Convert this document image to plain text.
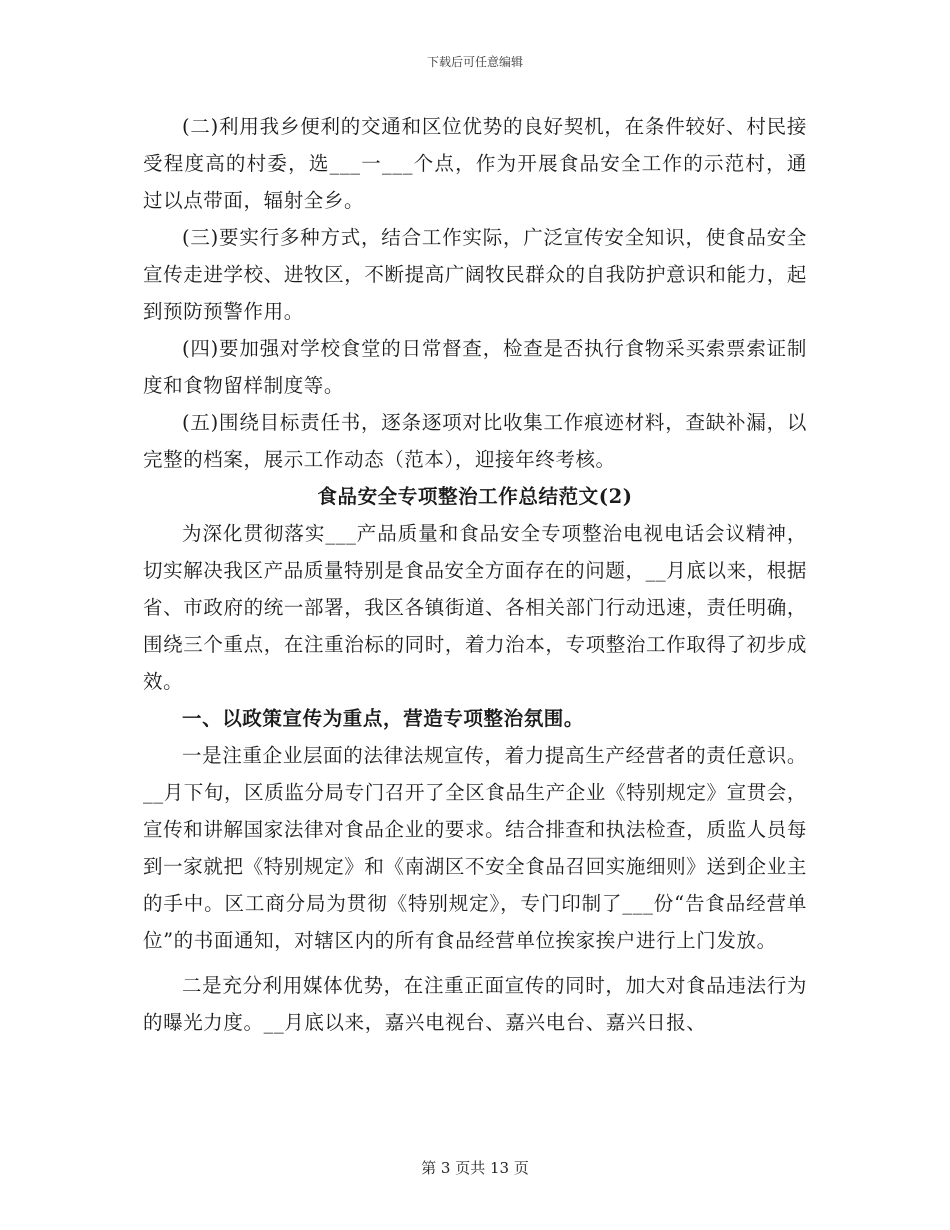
下载后可任意编辑

(二)利用我乡便利的交通和区位优势的良好契机，在条件较好、村民接受程度高的村委，选___一___个点，作为开展食品安全工作的示范村，通过以点带面，辐射全乡。

(三)要实行多种方式，结合工作实际，广泛宣传安全知识，使食品安全宣传走进学校、进牧区，不断提高广阔牧民群众的自我防护意识和能力，起到预防预警作用。

(四)要加强对学校食堂的日常督查，检查是否执行食物采买索票索证制度和食物留样制度等。

(五)围绕目标责任书，逐条逐项对比收集工作痕迹材料，查缺补漏，以完整的档案，展示工作动态（范本），迎接年终考核。

食品安全专项整治工作总结范文(2)

为深化贯彻落实___产品质量和食品安全专项整治电视电话会议精神，切实解决我区产品质量特别是食品安全方面存在的问题，__月底以来，根据省、市政府的统一部署，我区各镇街道、各相关部门行动迅速，责任明确，围绕三个重点，在注重治标的同时，着力治本，专项整治工作取得了初步成效。

一、以政策宣传为重点，营造专项整治氛围。

一是注重企业层面的法律法规宣传，着力提高生产经营者的责任意识。__月下旬，区质监分局专门召开了全区食品生产企业《特别规定》宣贯会，宣传和讲解国家法律对食品企业的要求。结合排查和执法检查，质监人员每到一家就把《特别规定》和《南湖区不安全食品召回实施细则》送到企业主的手中。区工商分局为贯彻《特别规定》，专门印制了___份“告食品经营单位”的书面通知，对辖区内的所有食品经营单位挨家挨户进行上门发放。

二是充分利用媒体优势，在注重正面宣传的同时，加大对食品违法行为的曝光力度。__月底以来，嘉兴电视台、嘉兴电台、嘉兴日报、

第 3 页共 13 页
